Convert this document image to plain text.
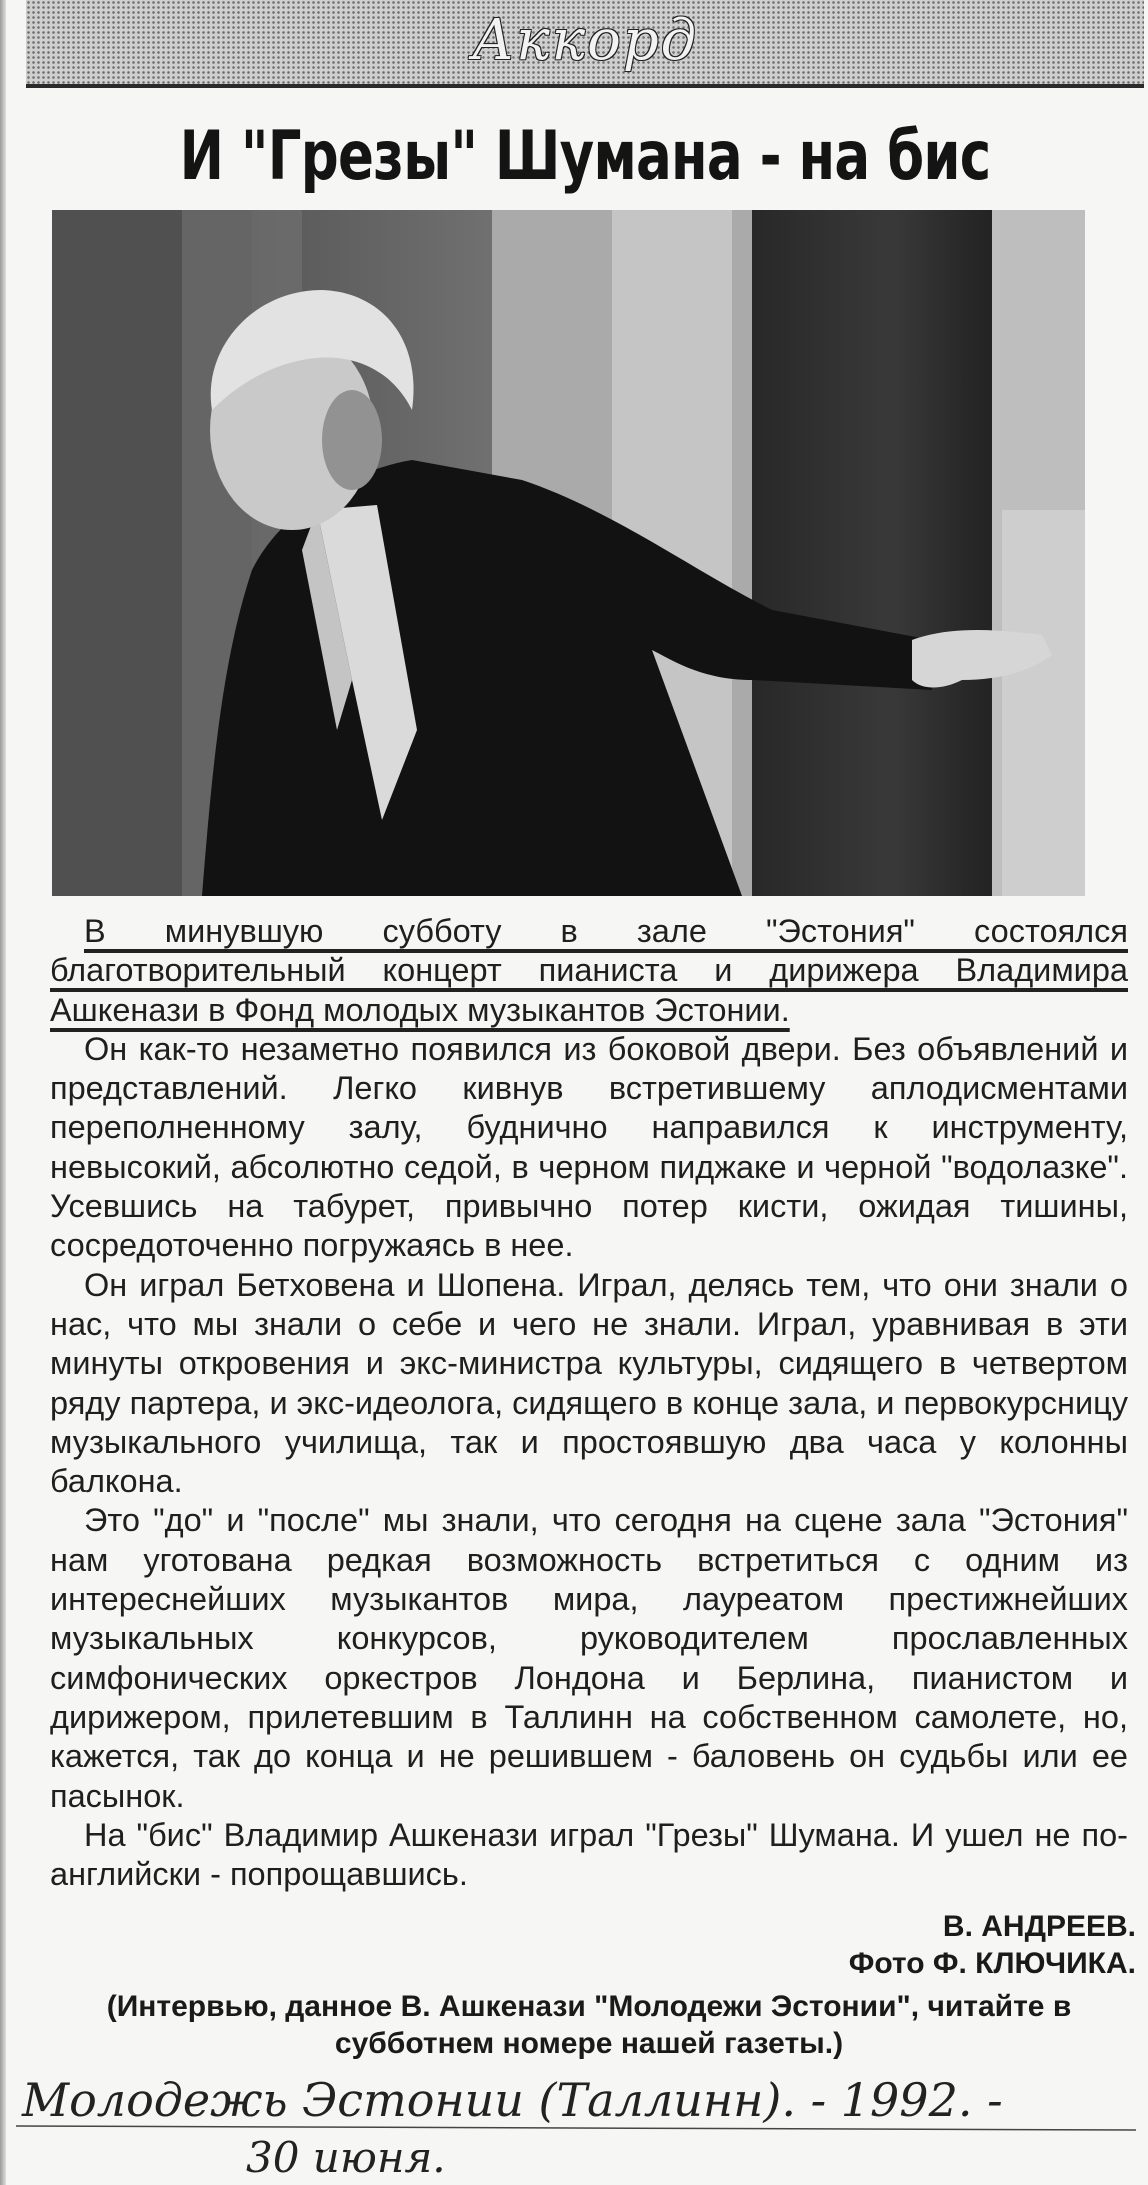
Аккорд
И "Грезы" Шумана - на бис

В минувшую субботу в зале "Эстония" состоялся благотворительный концерт пианиста и дирижера Владимира Ашкенази в Фонд молодых музыкантов Эстонии.

Он как-то незаметно появился из боковой двери. Без объявлений и представлений. Легко кивнув встретившему аплодисментами переполненному залу, буднично направился к инструменту, невысокий, абсолютно седой, в черном пиджаке и черной "водолазке". Усевшись на табурет, привычно потер кисти, ожидая тишины, сосредоточенно погружаясь в нее.

Он играл Бетховена и Шопена. Играл, делясь тем, что они знали о нас, что мы знали о себе и чего не знали. Играл, уравнивая в эти минуты откровения и экс-министра культуры, сидящего в четвертом ряду партера, и экс-идеолога, сидящего в конце зала, и первокурсницу музыкального училища, так и простоявшую два часа у колонны балкона.

Это "до" и "после" мы знали, что сегодня на сцене зала "Эстония" нам уготована редкая возможность встретиться с одним из интереснейших музыкантов мира, лауреатом престижнейших музыкальных конкурсов, руководителем прославленных симфонических оркестров Лондона и Берлина, пианистом и дирижером, прилетевшим в Таллинн на собственном самолете, но, кажется, так до конца и не решившем - баловень он судьбы или ее пасынок.

На "бис" Владимир Ашкенази играл "Грезы" Шумана. И ушел не по-английски - попрощавшись.

В. АНДРЕЕВ.
Фото Ф. КЛЮЧИКА.
(Интервью, данное В. Ашкенази "Молодежи Эстонии", читайте в субботнем номере нашей газеты.)
Молодежь Эстонии (Таллинн). - 1992. -
30 июня.
